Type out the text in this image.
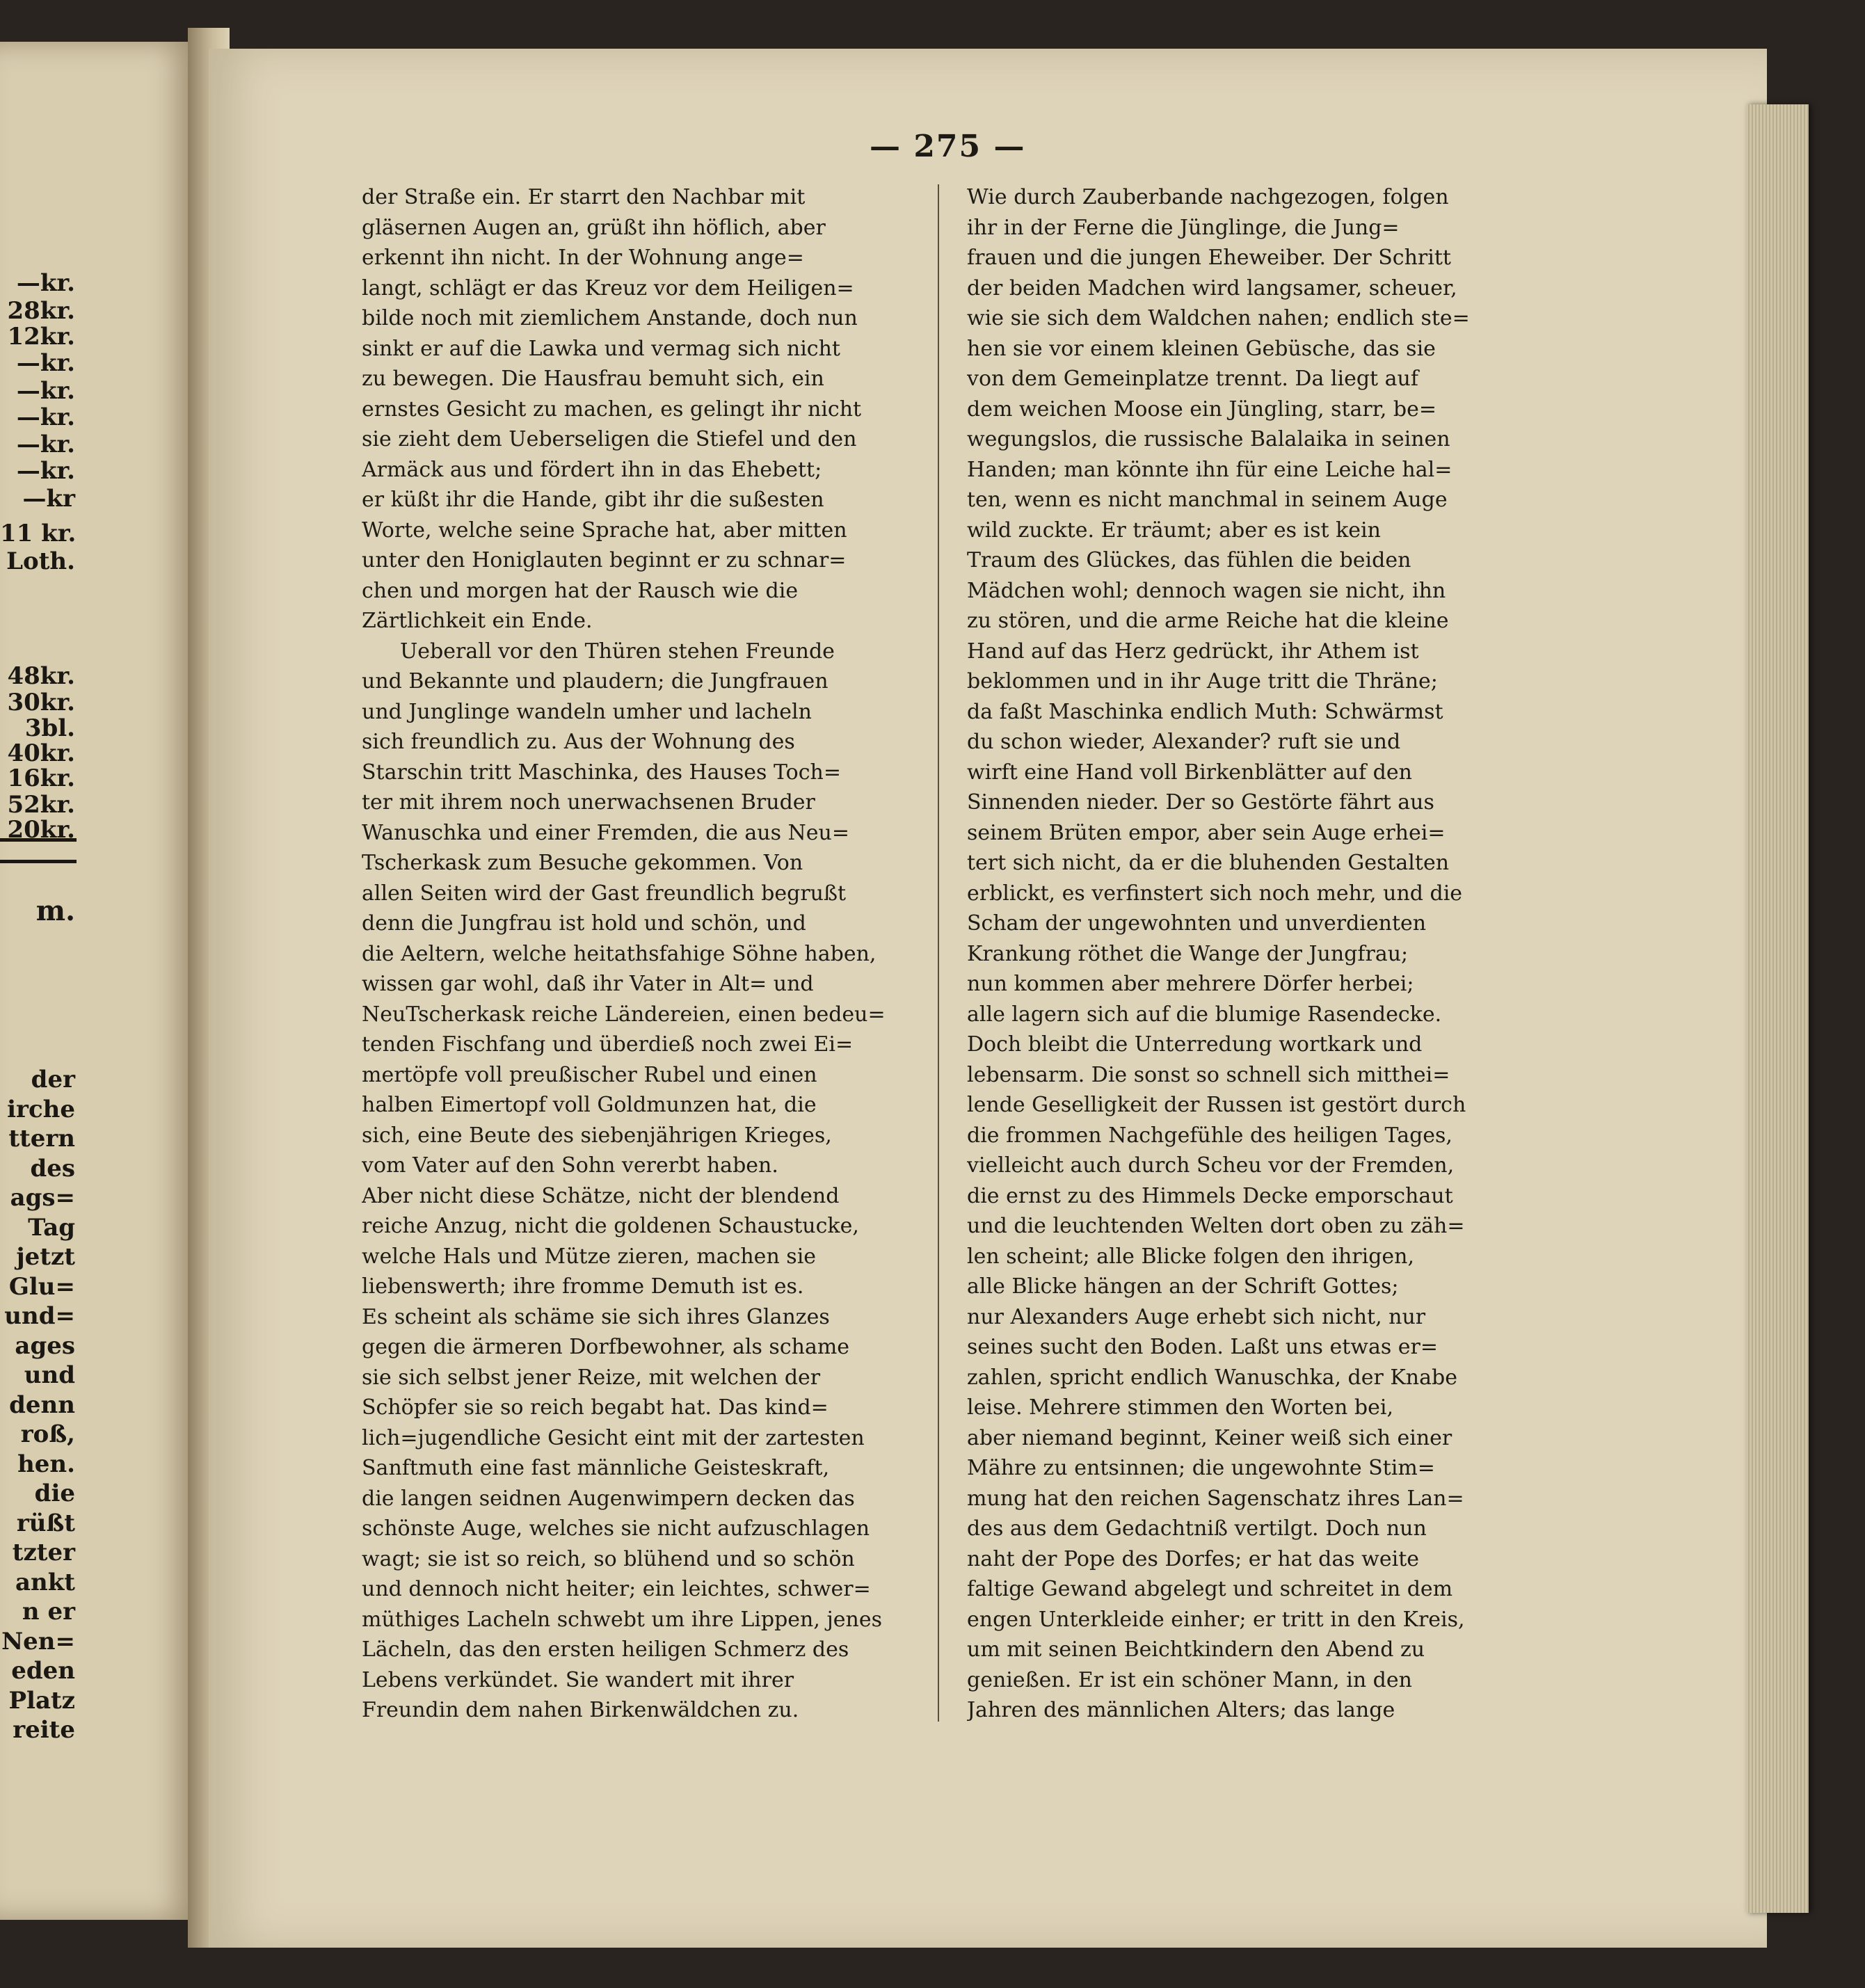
—kr.
28kr.
12kr.
—kr.
—kr.
—kr.
—kr.
—kr.
—kr
11 kr.
Loth.
48kr.
30kr.
3bl.
40kr.
16kr.
52kr.
20kr.
m.
der
irche
ttern
des
ags=
Tag
jetzt
Glu=
und=
ages
und
denn
roß,
hen.
die
rüßt
tzter
ankt
n er
Nen=
eden
Platz
reite
— 275 —
der Straße ein. Er starrt den Nachbar mit
gläsernen Augen an, grüßt ihn höflich, aber
erkennt ihn nicht. In der Wohnung ange=
langt, schlägt er das Kreuz vor dem Heiligen=
bilde noch mit ziemlichem Anstande, doch nun
sinkt er auf die Lawka und vermag sich nicht
zu bewegen. Die Hausfrau bemuht sich, ein
ernstes Gesicht zu machen, es gelingt ihr nicht
sie zieht dem Ueberseligen die Stiefel und den
Armäck aus und fördert ihn in das Ehebett;
er küßt ihr die Hande, gibt ihr die sußesten
Worte, welche seine Sprache hat, aber mitten
unter den Honiglauten beginnt er zu schnar=
chen und morgen hat der Rausch wie die
Zärtlichkeit ein Ende.
Ueberall vor den Thüren stehen Freunde
und Bekannte und plaudern; die Jungfrauen
und Junglinge wandeln umher und lacheln
sich freundlich zu. Aus der Wohnung des
Starschin tritt Maschinka, des Hauses Toch=
ter mit ihrem noch unerwachsenen Bruder
Wanuschka und einer Fremden, die aus Neu=
Tscherkask zum Besuche gekommen. Von
allen Seiten wird der Gast freundlich begrußt
denn die Jungfrau ist hold und schön, und
die Aeltern, welche heitathsfahige Söhne haben,
wissen gar wohl, daß ihr Vater in Alt= und
NeuTscherkask reiche Ländereien, einen bedeu=
tenden Fischfang und überdieß noch zwei Ei=
mertöpfe voll preußischer Rubel und einen
halben Eimertopf voll Goldmunzen hat, die
sich, eine Beute des siebenjährigen Krieges,
vom Vater auf den Sohn vererbt haben.
Aber nicht diese Schätze, nicht der blendend
reiche Anzug, nicht die goldenen Schaustucke,
welche Hals und Mütze zieren, machen sie
liebenswerth; ihre fromme Demuth ist es.
Es scheint als schäme sie sich ihres Glanzes
gegen die ärmeren Dorfbewohner, als schame
sie sich selbst jener Reize, mit welchen der
Schöpfer sie so reich begabt hat. Das kind=
lich=jugendliche Gesicht eint mit der zartesten
Sanftmuth eine fast männliche Geisteskraft,
die langen seidnen Augenwimpern decken das
schönste Auge, welches sie nicht aufzuschlagen
wagt; sie ist so reich, so blühend und so schön
und dennoch nicht heiter; ein leichtes, schwer=
müthiges Lacheln schwebt um ihre Lippen, jenes
Lächeln, das den ersten heiligen Schmerz des
Lebens verkündet. Sie wandert mit ihrer
Freundin dem nahen Birkenwäldchen zu.
Wie durch Zauberbande nachgezogen, folgen
ihr in der Ferne die Jünglinge, die Jung=
frauen und die jungen Eheweiber. Der Schritt
der beiden Madchen wird langsamer, scheuer,
wie sie sich dem Waldchen nahen; endlich ste=
hen sie vor einem kleinen Gebüsche, das sie
von dem Gemeinplatze trennt. Da liegt auf
dem weichen Moose ein Jüngling, starr, be=
wegungslos, die russische Balalaika in seinen
Handen; man könnte ihn für eine Leiche hal=
ten, wenn es nicht manchmal in seinem Auge
wild zuckte. Er träumt; aber es ist kein
Traum des Glückes, das fühlen die beiden
Mädchen wohl; dennoch wagen sie nicht, ihn
zu stören, und die arme Reiche hat die kleine
Hand auf das Herz gedrückt, ihr Athem ist
beklommen und in ihr Auge tritt die Thräne;
da faßt Maschinka endlich Muth: Schwärmst
du schon wieder, Alexander? ruft sie und
wirft eine Hand voll Birkenblätter auf den
Sinnenden nieder. Der so Gestörte fährt aus
seinem Brüten empor, aber sein Auge erhei=
tert sich nicht, da er die bluhenden Gestalten
erblickt, es verfinstert sich noch mehr, und die
Scham der ungewohnten und unverdienten
Krankung röthet die Wange der Jungfrau;
nun kommen aber mehrere Dörfer herbei;
alle lagern sich auf die blumige Rasendecke.
Doch bleibt die Unterredung wortkark und
lebensarm. Die sonst so schnell sich mitthei=
lende Geselligkeit der Russen ist gestört durch
die frommen Nachgefühle des heiligen Tages,
vielleicht auch durch Scheu vor der Fremden,
die ernst zu des Himmels Decke emporschaut
und die leuchtenden Welten dort oben zu zäh=
len scheint; alle Blicke folgen den ihrigen,
alle Blicke hängen an der Schrift Gottes;
nur Alexanders Auge erhebt sich nicht, nur
seines sucht den Boden. Laßt uns etwas er=
zahlen, spricht endlich Wanuschka, der Knabe
leise. Mehrere stimmen den Worten bei,
aber niemand beginnt, Keiner weiß sich einer
Mähre zu entsinnen; die ungewohnte Stim=
mung hat den reichen Sagenschatz ihres Lan=
des aus dem Gedachtniß vertilgt. Doch nun
naht der Pope des Dorfes; er hat das weite
faltige Gewand abgelegt und schreitet in dem
engen Unterkleide einher; er tritt in den Kreis,
um mit seinen Beichtkindern den Abend zu
genießen. Er ist ein schöner Mann, in den
Jahren des männlichen Alters; das lange
